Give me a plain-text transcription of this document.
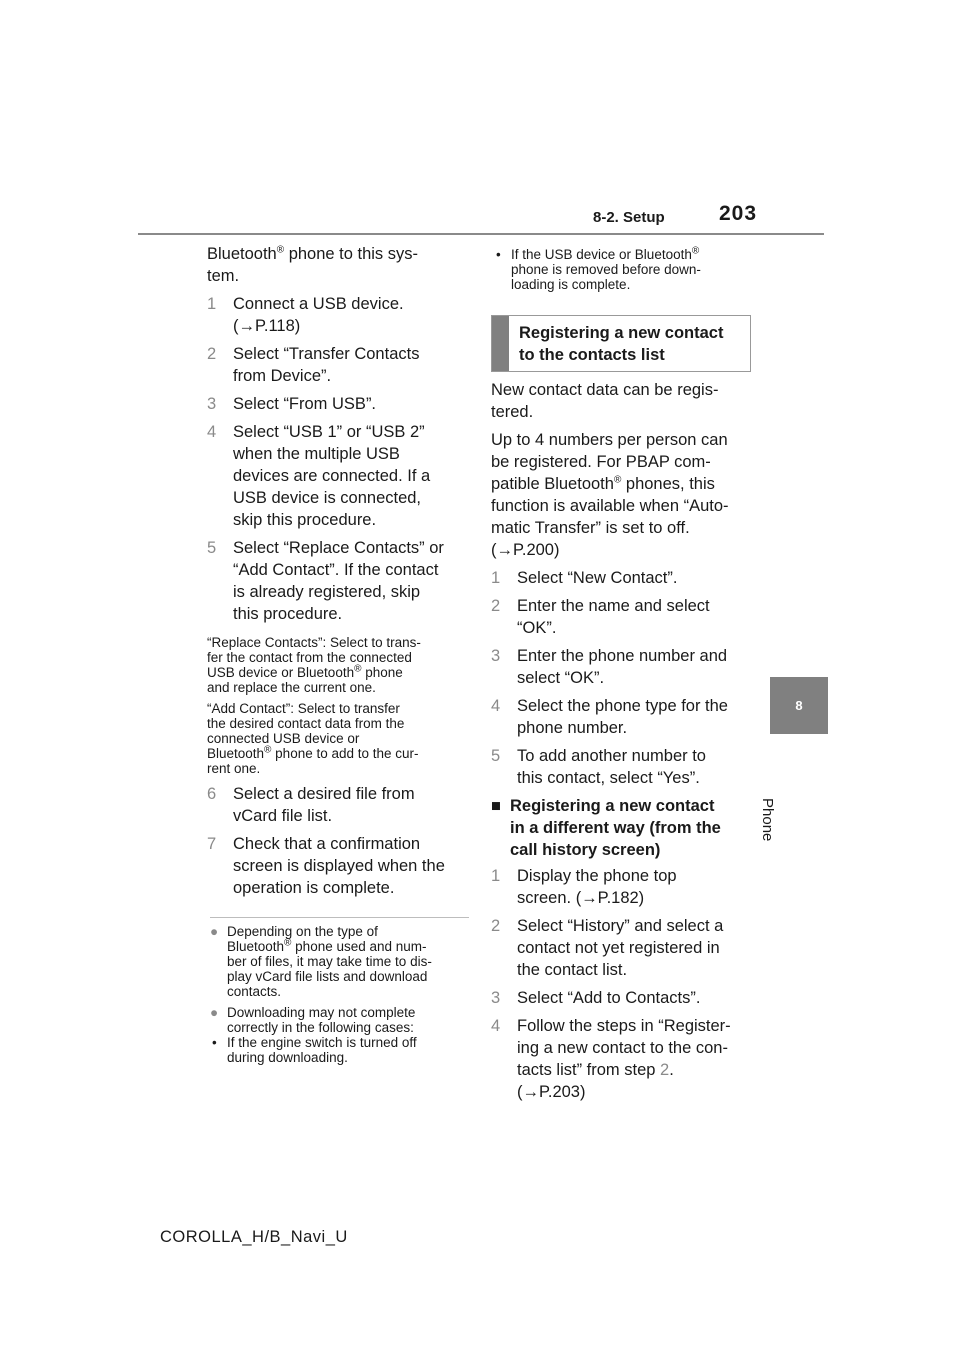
8-2. Setup	203
8
Phone

Bluetooth® phone to this sys-
tem.

1 Connect a USB device.
(→P.118)
2 Select “Transfer Contacts
from Device”.
3 Select “From USB”.
4 Select “USB 1” or “USB 2”
when the multiple USB
devices are connected. If a
USB device is connected,
skip this procedure.
5 Select “Replace Contacts” or
“Add Contact”. If the contact
is already registered, skip
this procedure.

“Replace Contacts”: Select to trans-
fer the contact from the connected
USB device or Bluetooth® phone
and replace the current one.

“Add Contact”: Select to transfer
the desired contact data from the
connected USB device or
Bluetooth® phone to add to the cur-
rent one.

6 Select a desired file from
vCard file list.
7 Check that a confirmation
screen is displayed when the
operation is complete.
● Depending on the type of
Bluetooth® phone used and num-
ber of files, it may take time to dis-
play vCard file lists and download
contacts.
● Downloading may not complete
correctly in the following cases:
• If the engine switch is turned off
during downloading.
• If the USB device or Bluetooth®
phone is removed before down-
loading is complete.
Registering a new contact
to the contacts list

New contact data can be regis-
tered.

Up to 4 numbers per person can
be registered. For PBAP com-
patible Bluetooth® phones, this
function is available when “Auto-
matic Transfer” is set to off.
(→P.200)

1 Select “New Contact”.
2 Enter the name and select
“OK”.
3 Enter the phone number and
select “OK”.
4 Select the phone type for the
phone number.
5 To add another number to
this contact, select “Yes”.
■ Registering a new contact
in a different way (from the
call history screen)
1 Display the phone top
screen. (→P.182)
2 Select “History” and select a
contact not yet registered in
the contact list.
3 Select “Add to Contacts”.
4 Follow the steps in “Register-
ing a new contact to the con-
tacts list” from step 2.
(→P.203)
COROLLA_H/B_Navi_U
